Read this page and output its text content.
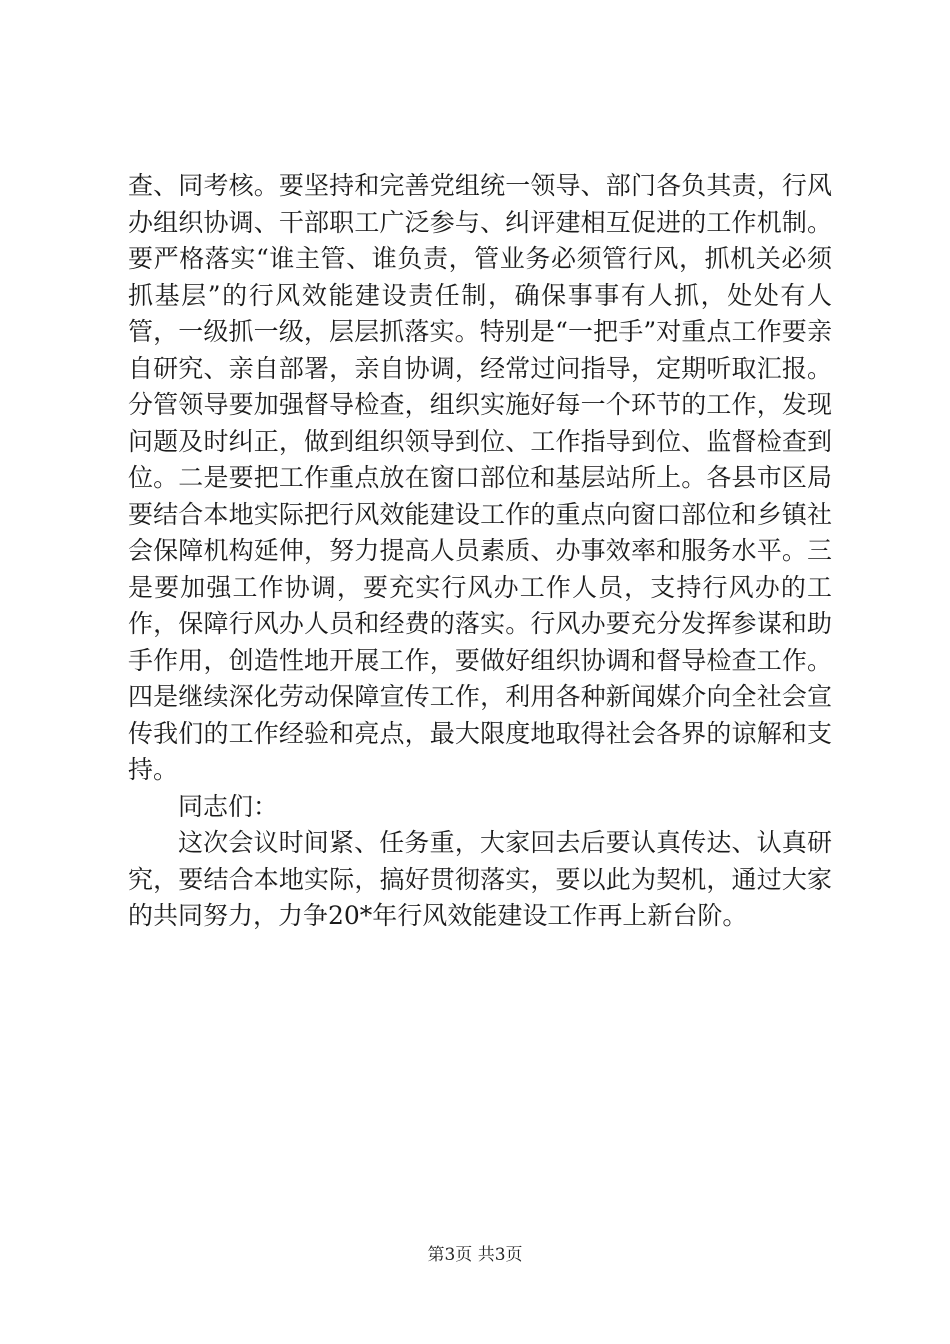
查、同考核。要坚持和完善党组统一领导、部门各负其责，行风办组织协调、干部职工广泛参与、纠评建相互促进的工作机制。要严格落实“谁主管、谁负责，管业务必须管行风，抓机关必须抓基层”的行风效能建设责任制，确保事事有人抓，处处有人管，一级抓一级，层层抓落实。特别是“一把手”对重点工作要亲自研究、亲自部署，亲自协调，经常过问指导，定期听取汇报。分管领导要加强督导检查，组织实施好每一个环节的工作，发现问题及时纠正，做到组织领导到位、工作指导到位、监督检查到位。二是要把工作重点放在窗口部位和基层站所上。各县市区局要结合本地实际把行风效能建设工作的重点向窗口部位和乡镇社会保障机构延伸，努力提高人员素质、办事效率和服务水平。三是要加强工作协调，要充实行风办工作人员，支持行风办的工作，保障行风办人员和经费的落实。行风办要充分发挥参谋和助手作用，创造性地开展工作，要做好组织协调和督导检查工作。四是继续深化劳动保障宣传工作，利用各种新闻媒介向全社会宣传我们的工作经验和亮点，最大限度地取得社会各界的谅解和支持。

同志们：

这次会议时间紧、任务重，大家回去后要认真传达、认真研究，要结合本地实际，搞好贯彻落实，要以此为契机，通过大家的共同努力，力争20*年行风效能建设工作再上新台阶。

第3页 共3页
